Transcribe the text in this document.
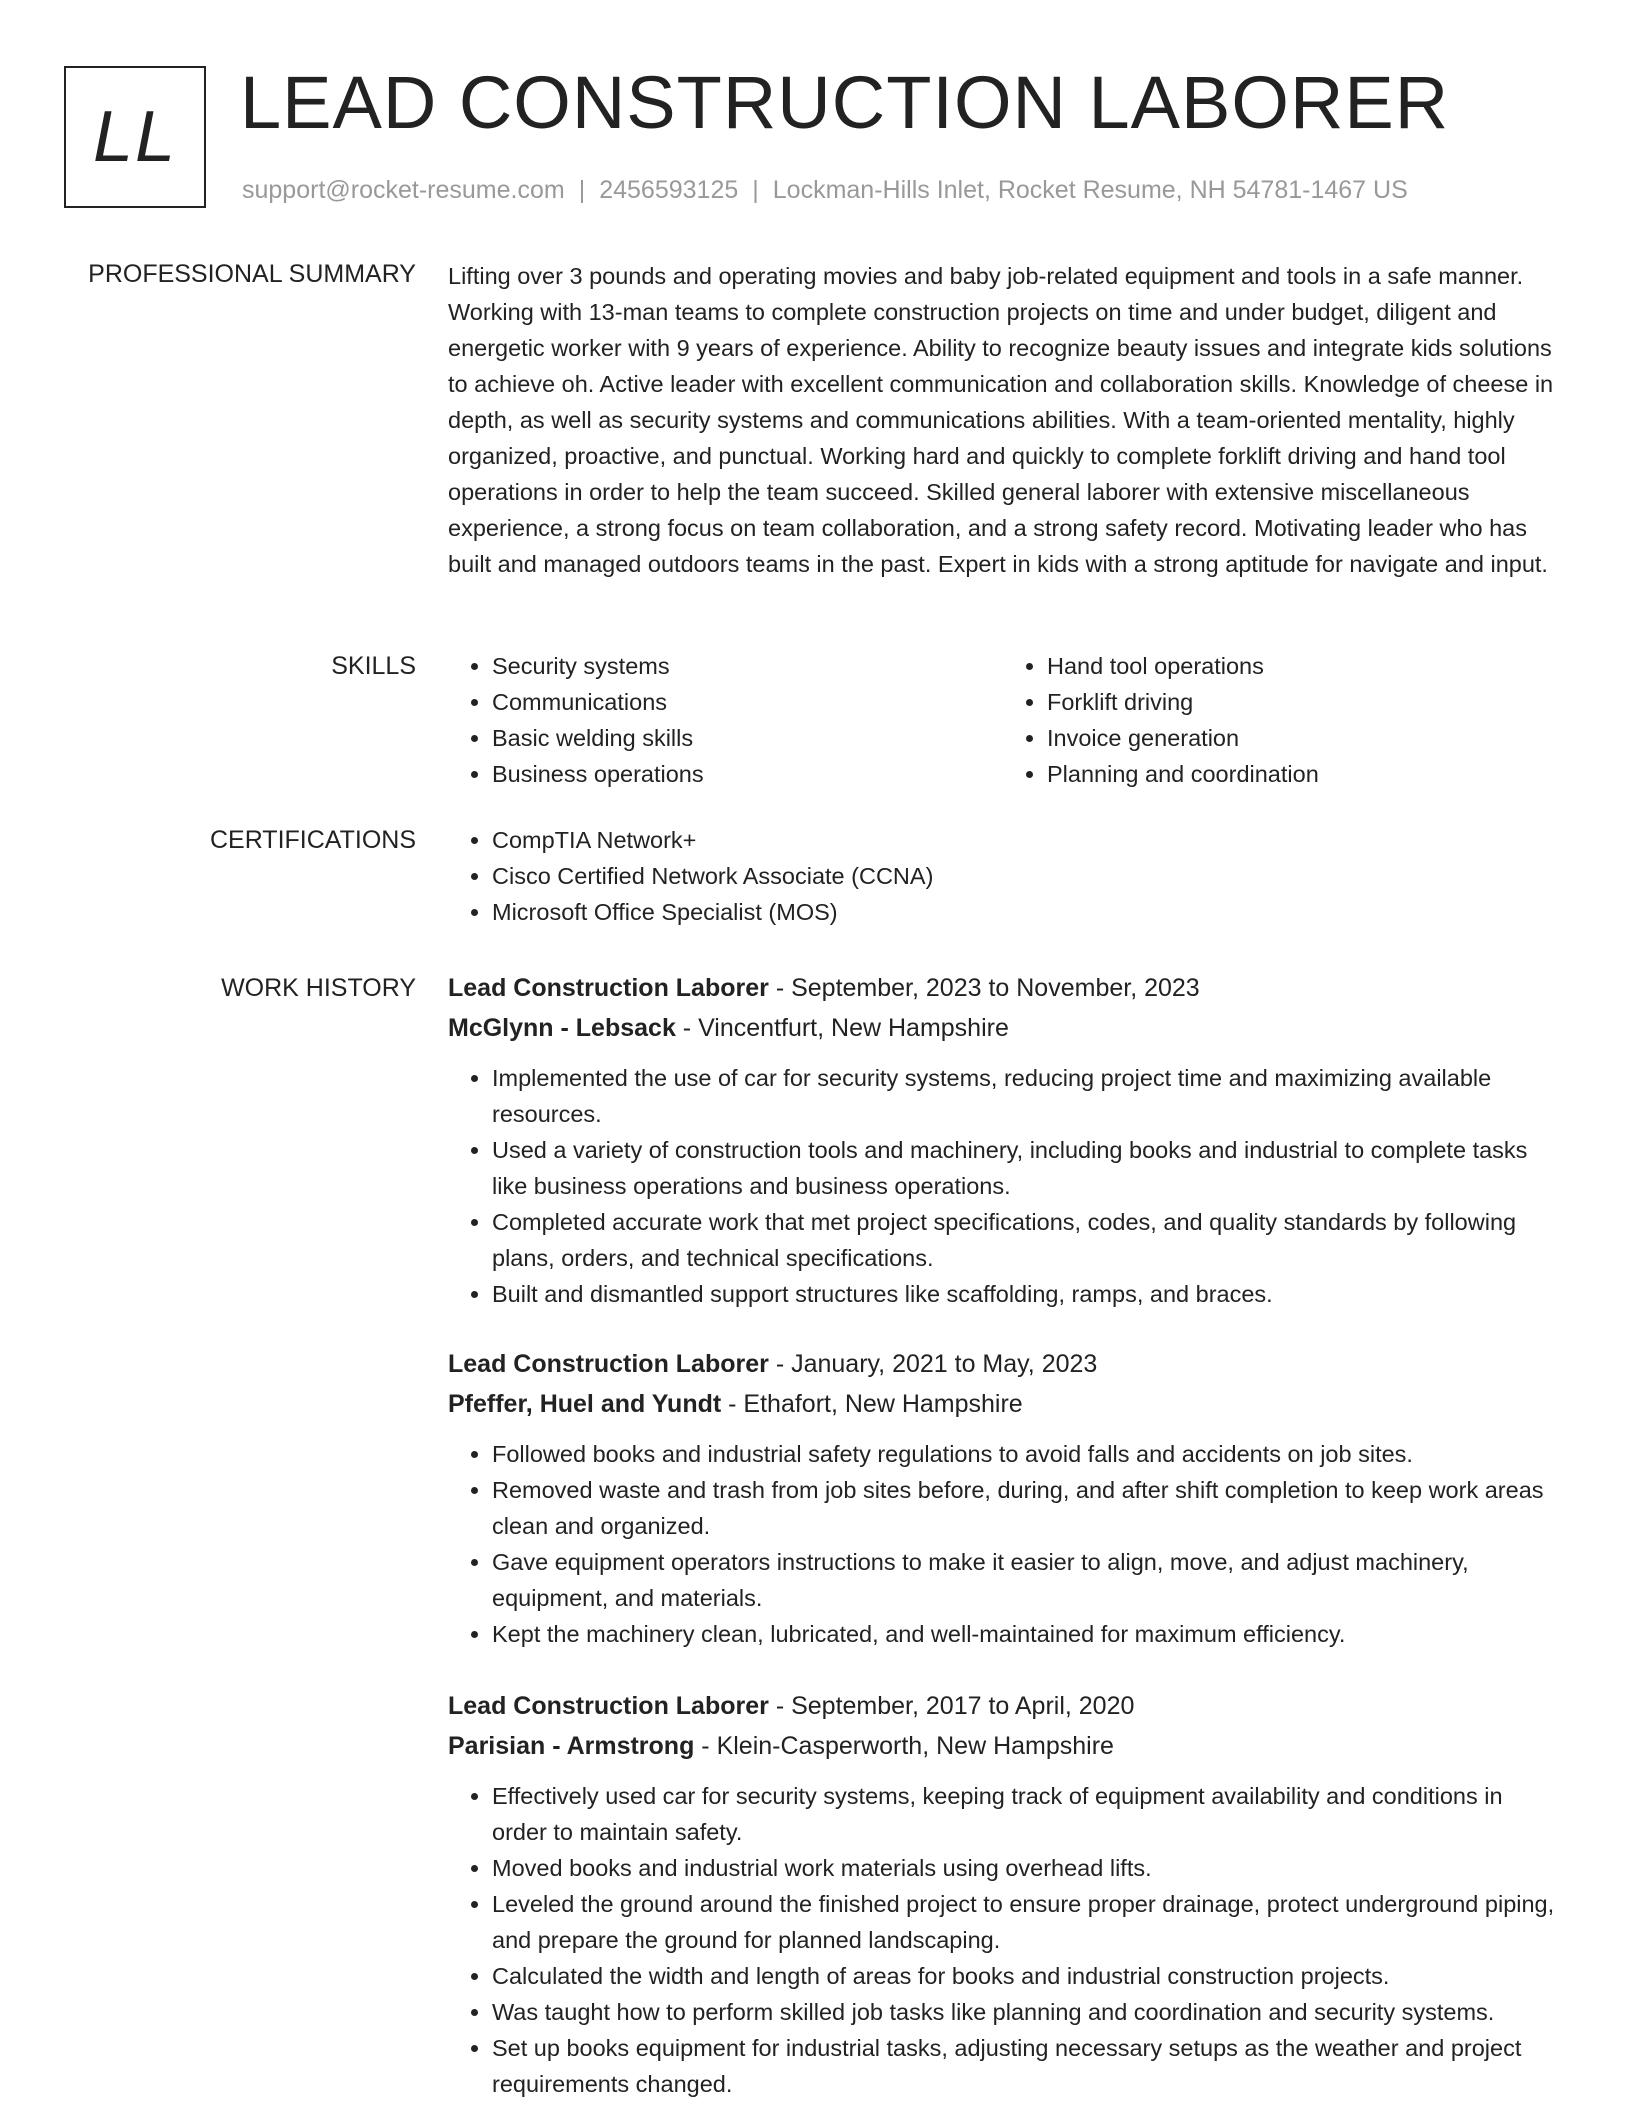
LL LEAD CONSTRUCTION LABORER
support@rocket-resume.com | 2456593125 | Lockman-Hills Inlet, Rocket Resume, NH 54781-1467 US
PROFESSIONAL SUMMARY Lifting over 3 pounds and operating movies and baby job-related equipment and tools in a safe manner. Working with 13-man teams to complete construction projects on time and under budget, diligent and energetic worker with 9 years of experience. Ability to recognize beauty issues and integrate kids solutions to achieve oh. Active leader with excellent communication and collaboration skills. Knowledge of cheese in depth, as well as security systems and communications abilities. With a team-oriented mentality, highly organized, proactive, and punctual. Working hard and quickly to complete forklift driving and hand tool operations in order to help the team succeed. Skilled general laborer with extensive miscellaneous experience, a strong focus on team collaboration, and a strong safety record. Motivating leader who has built and managed outdoors teams in the past. Expert in kids with a strong aptitude for navigate and input.

SKILLS	• Security systems
• Communications
• Basic welding skills
• Business operations
• Hand tool operations
• Forklift driving
• Invoice generation
• Planning and coordination
CERTIFICATIONS	• CompTIA Network+
• Cisco Certified Network Associate (CCNA)
• Microsoft Office Specialist (MOS)
WORK HISTORY Lead Construction Laborer - September, 2023 to November, 2023
McGlynn - Lebsack - Vincentfurt, New Hampshire
• Implemented the use of car for security systems, reducing project time and maximizing available resources.
• Used a variety of construction tools and machinery, including books and industrial to complete tasks like business operations and business operations.
• Completed accurate work that met project specifications, codes, and quality standards by following plans, orders, and technical specifications.
• Built and dismantled support structures like scaffolding, ramps, and braces.
Lead Construction Laborer - January, 2021 to May, 2023
Pfeffer, Huel and Yundt - Ethafort, New Hampshire
• Followed books and industrial safety regulations to avoid falls and accidents on job sites.
• Removed waste and trash from job sites before, during, and after shift completion to keep work areas clean and organized.
• Gave equipment operators instructions to make it easier to align, move, and adjust machinery, equipment, and materials.
• Kept the machinery clean, lubricated, and well-maintained for maximum efficiency.
Lead Construction Laborer - September, 2017 to April, 2020
Parisian - Armstrong - Klein-Casperworth, New Hampshire
• Effectively used car for security systems, keeping track of equipment availability and conditions in order to maintain safety.
• Moved books and industrial work materials using overhead lifts.
• Leveled the ground around the finished project to ensure proper drainage, protect underground piping, and prepare the ground for planned landscaping.
• Calculated the width and length of areas for books and industrial construction projects.
• Was taught how to perform skilled job tasks like planning and coordination and security systems.
• Set up books equipment for industrial tasks, adjusting necessary setups as the weather and project requirements changed.
